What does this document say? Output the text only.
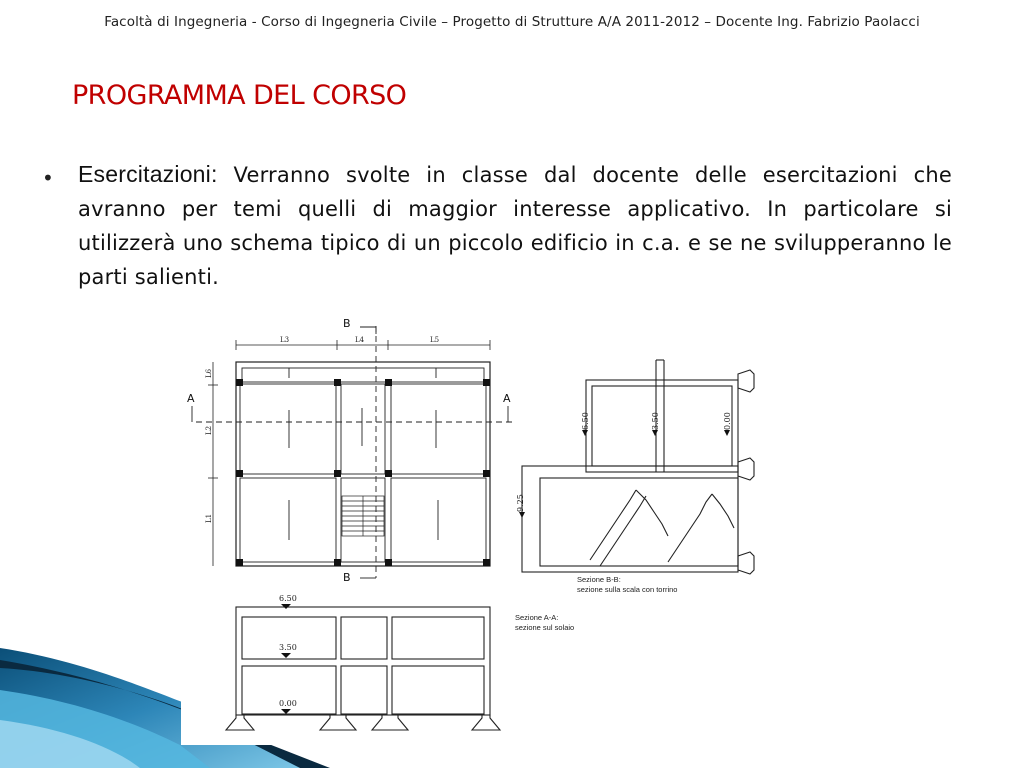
Facoltà di Ingegneria - Corso di Ingegneria Civile – Progetto di Strutture A/A 2011-2012 – Docente Ing. Fabrizio Paolacci
PROGRAMMA DEL CORSO
• Esercitazioni: Verranno svolte in classe dal docente delle esercitazioni che avranno per temi quelli di maggior interesse applicativo. In particolare si utilizzerà uno schema tipico di un piccolo edificio in c.a. e se ne svilupperanno le parti salienti.
B
B
A	A
L3	L4	L5
L6
L2
L1
6.50	3.50	0.00
9.25
Sezione B-B:
sezione sulla scala con torrino
6.50
3.50
0.00
Sezione A-A:
sezione sul solaio
